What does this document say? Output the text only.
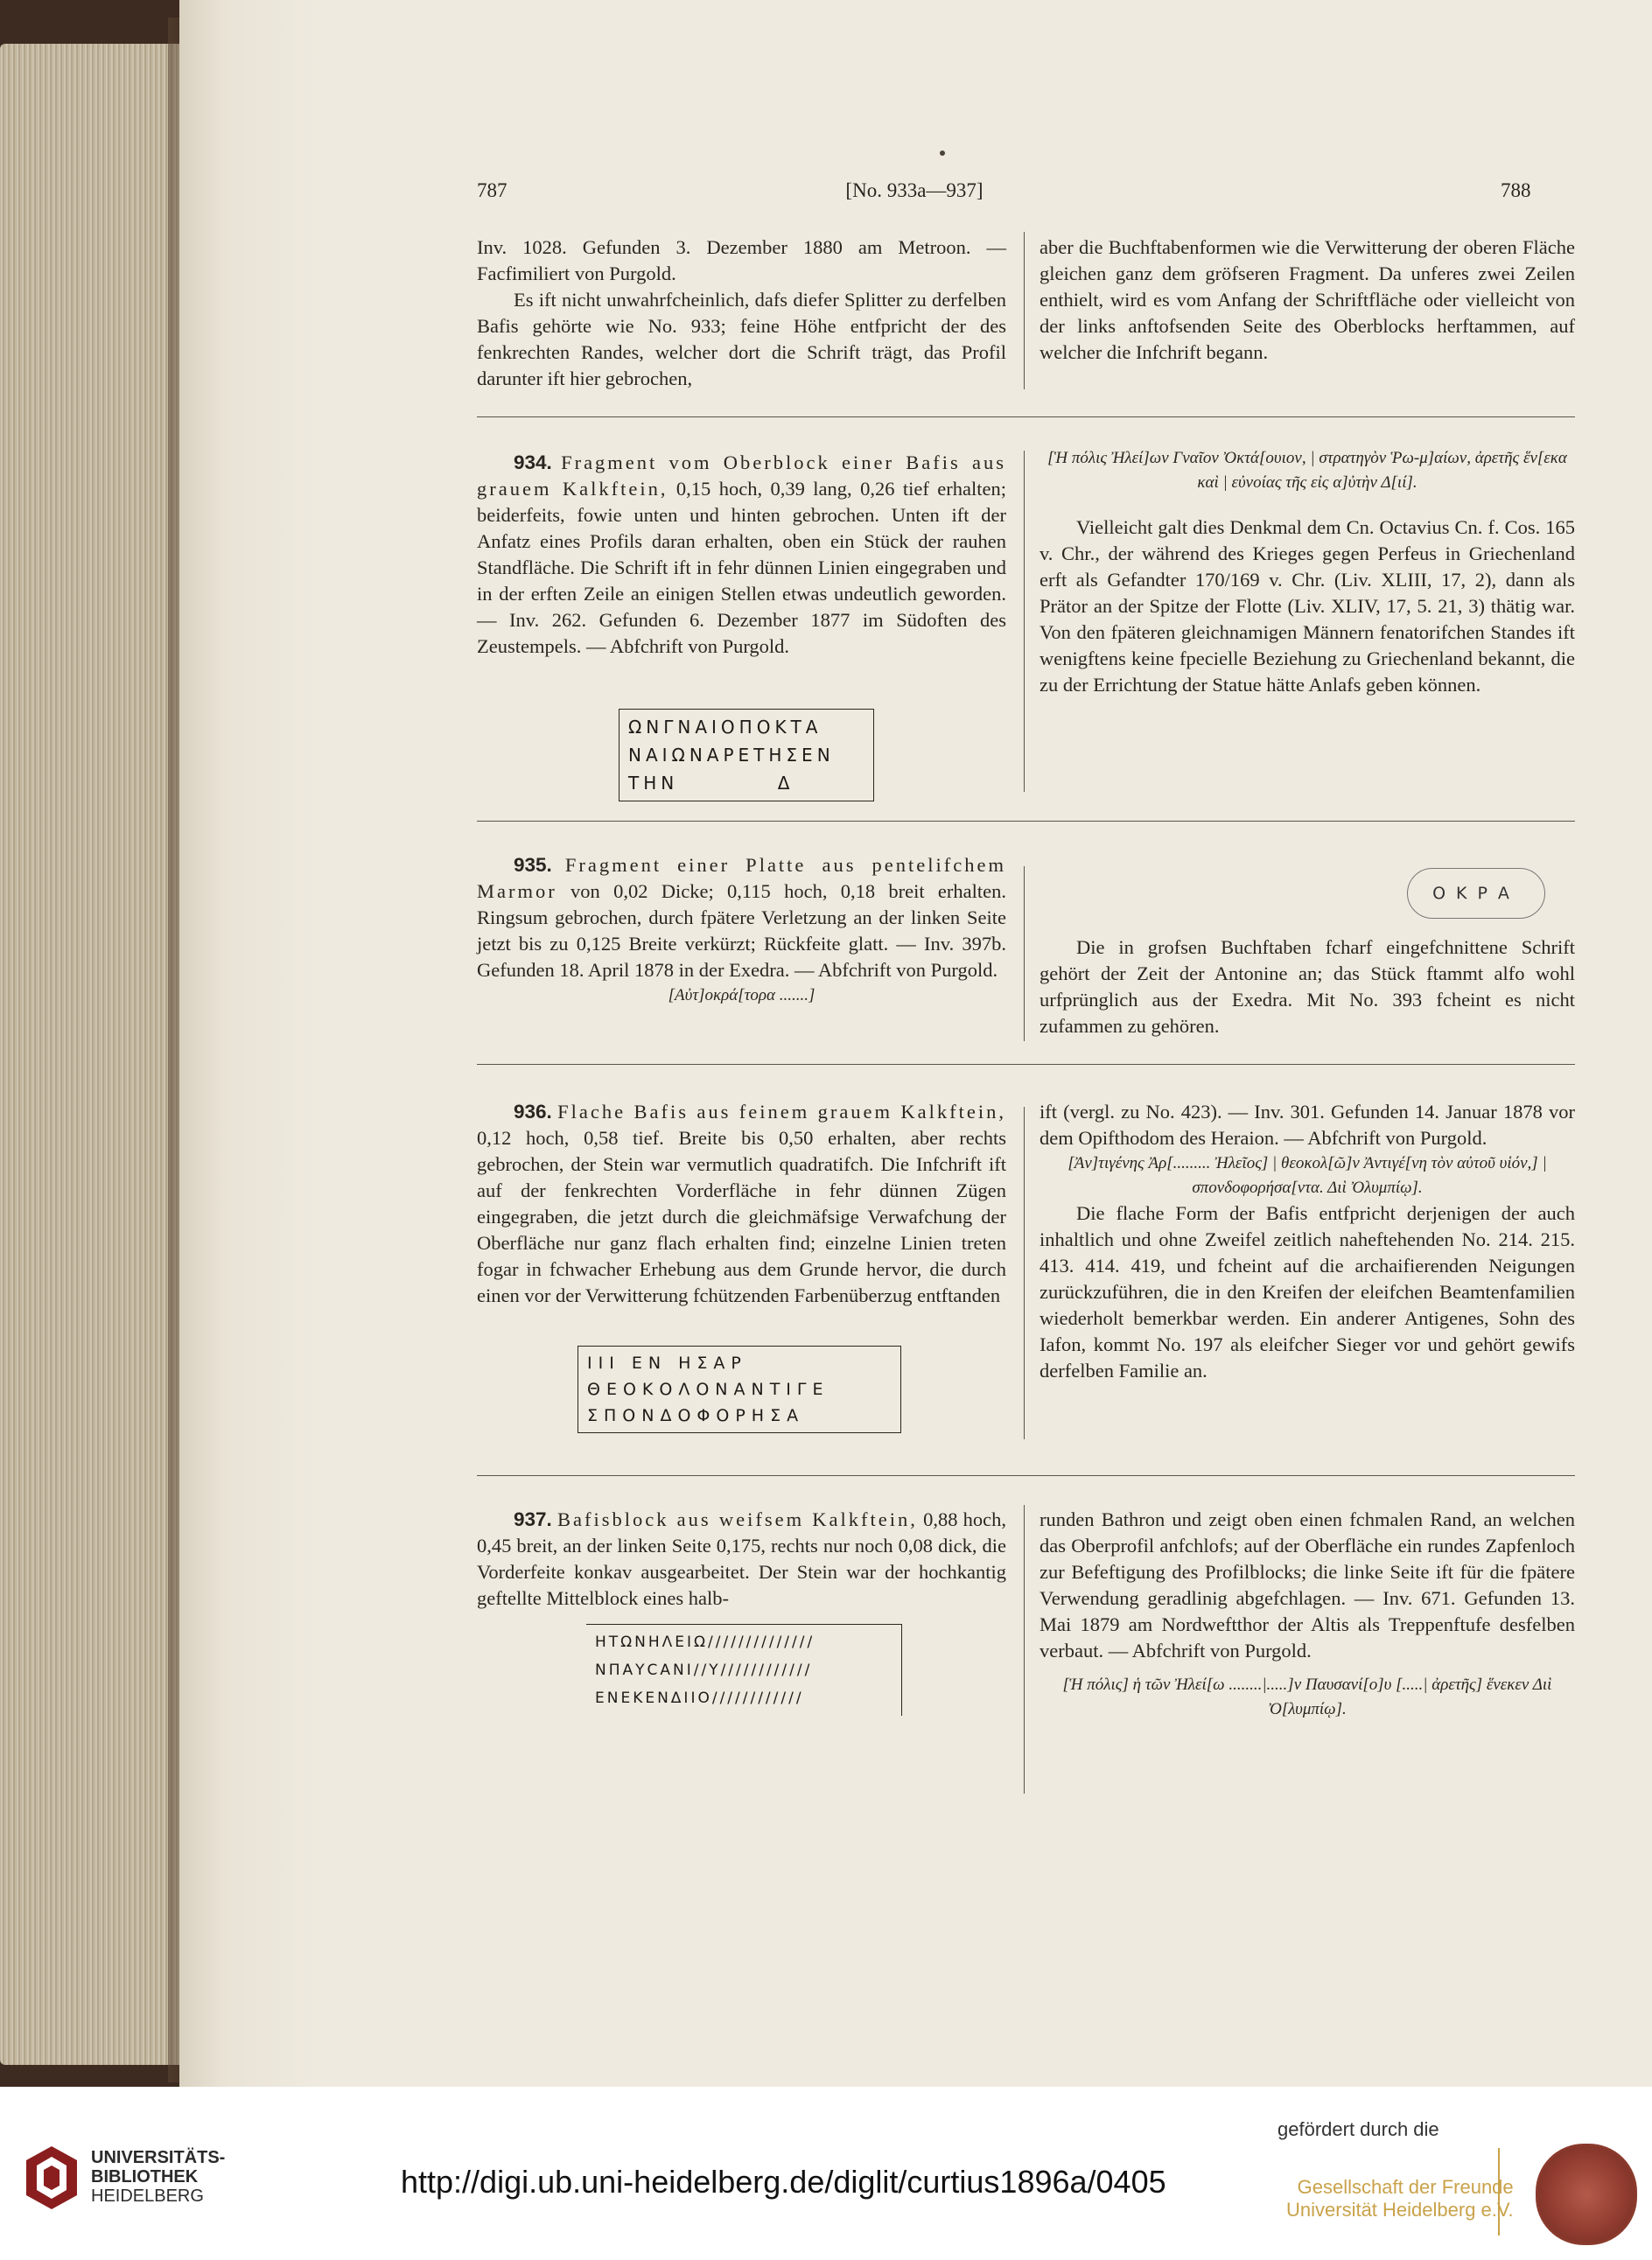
787	[No. 933a—937]	788

Inv. 1028. Gefunden 3. Dezember 1880 am Metroon. — Facfimiliert von Purgold.

Es ift nicht unwahrfcheinlich, dafs diefer Splitter zu derfelben Bafis gehörte wie No. 933; feine Höhe entfpricht der des fenkrechten Randes, welcher dort die Schrift trägt, das Profil darunter ift hier gebrochen,

aber die Buchftabenformen wie die Verwitterung der oberen Fläche gleichen ganz dem gröfseren Fragment. Da unferes zwei Zeilen enthielt, wird es vom Anfang der Schriftfläche oder vielleicht von der links anftofsenden Seite des Oberblocks herftammen, auf welcher die Infchrift begann.

934. Fragment vom Oberblock einer Bafis aus grauem Kalkftein, 0,15 hoch, 0,39 lang, 0,26 tief erhalten; beiderfeits, fowie unten und hinten gebrochen. Unten ift der Anfatz eines Profils daran erhalten, oben ein Stück der rauhen Standfläche. Die Schrift ift in fehr dünnen Linien eingegraben und in der erften Zeile an einigen Stellen etwas undeutlich geworden. — Inv. 262. Gefunden 6. Dezember 1877 im Südoften des Zeustempels. — Abfchrift von Purgold.

ΩΝΓΝΑΙΟΠΟΚΤΑ
ΝΑΙΩΝΑΡΕΤΗΣΕΝ
ΤΗΝ          Δ

[Ἡ πόλις Ἠλεί]ων Γναῖον Ὀκτά[ουιον, | στρατηγὸν Ῥω-μ]αίων, ἀρετῆς ἕν[εκα καὶ | εὐνοίας τῆς εἰς α]ὐτὴν Δ[ιί].

Vielleicht galt dies Denkmal dem Cn. Octavius Cn. f. Cos. 165 v. Chr., der während des Krieges gegen Perfeus in Griechenland erft als Gefandter 170/169 v. Chr. (Liv. XLIII, 17, 2), dann als Prätor an der Spitze der Flotte (Liv. XLIV, 17, 5. 21, 3) thätig war. Von den fpäteren gleichnamigen Männern fenatorifchen Standes ift wenigftens keine fpecielle Beziehung zu Griechenland bekannt, die zu der Errichtung der Statue hätte Anlafs geben können.

935. Fragment einer Platte aus pentelifchem Marmor von 0,02 Dicke; 0,115 hoch, 0,18 breit erhalten. Ringsum gebrochen, durch fpätere Verletzung an der linken Seite jetzt bis zu 0,125 Breite verkürzt; Rückfeite glatt. — Inv. 397b. Gefunden 18. April 1878 in der Exedra. — Abfchrift von Purgold.

[Αὐτ]οκρά[τορα .......]

ΟΚΡΑ

Die in grofsen Buchftaben fcharf eingefchnittene Schrift gehört der Zeit der Antonine an; das Stück ftammt alfo wohl urfprünglich aus der Exedra. Mit No. 393 fcheint es nicht zufammen zu gehören.

936. Flache Bafis aus feinem grauem Kalkftein, 0,12 hoch, 0,58 tief. Breite bis 0,50 erhalten, aber rechts gebrochen, der Stein war vermutlich quadratifch. Die Infchrift ift auf der fenkrechten Vorderfläche in fehr dünnen Zügen eingegraben, die jetzt durch die gleichmäfsige Verwafchung der Oberfläche nur ganz flach erhalten find; einzelne Linien treten fogar in fchwacher Erhebung aus dem Grunde hervor, die durch einen vor der Verwitterung fchützenden Farbenüberzug entftanden

ΙΙΙ ΕΝ ΗΣΑΡ
ΘΕΟΚΟΛΟΝΑΝΤΙΓΕ
ΣΠΟΝΔΟΦΟΡΗΣΑ

ift (vergl. zu No. 423). — Inv. 301. Gefunden 14. Januar 1878 vor dem Opifthodom des Heraion. — Abfchrift von Purgold.

[Ἀν]τιγένης Ἀρ[......... Ἠλεῖος] | θεοκολ[ῶ]ν Ἀντιγέ[νη τὸν αὐτοῦ υἱόν,] | σπονδοφορήσα[ντα. Διὶ Ὀλυμπίῳ].

Die flache Form der Bafis entfpricht derjenigen der auch inhaltlich und ohne Zweifel zeitlich naheftehenden No. 214. 215. 413. 414. 419, und fcheint auf die archaifierenden Neigungen zurückzuführen, die in den Kreifen der eleifchen Beamtenfamilien wiederholt bemerkbar werden. Ein anderer Antigenes, Sohn des Iafon, kommt No. 197 als eleifcher Sieger vor und gehört gewifs derfelben Familie an.

937. Bafisblock aus weifsem Kalkftein, 0,88 hoch, 0,45 breit, an der linken Seite 0,175, rechts nur noch 0,08 dick, die Vorderfeite konkav ausgearbeitet. Der Stein war der hochkantig geftellte Mittelblock eines halb-

ΗΤΩΝΗΛΕΙΩ//////////////
ΝΠΑΥCΑΝΙ//Υ////////////
ΕΝΕΚΕΝΔΙΙΟ////////////

runden Bathron und zeigt oben einen fchmalen Rand, an welchen das Oberprofil anfchlofs; auf der Oberfläche ein rundes Zapfenloch zur Befeftigung des Profilblocks; die linke Seite ift für die fpätere Verwendung geradlinig abgefchlagen. — Inv. 671. Gefunden 13. Mai 1879 am Nordweftthor der Altis als Treppenftufe desfelben verbaut. — Abfchrift von Purgold.

[Ἡ πόλις] ἡ τῶν Ἠλεί[ω ........|.....]ν Παυσανί[ο]υ [.....| ἀρετῆς] ἕνεκεν Διὶ Ὀ[λυμπίῳ].

UNIVERSITÄTS-
BIBLIOTHEK
HEIDELBERG	http://digi.ub.uni-heidelberg.de/diglit/curtius1896a/0405
gefördert durch die
Gesellschaft der Freunde
Universität Heidelberg e.V.
